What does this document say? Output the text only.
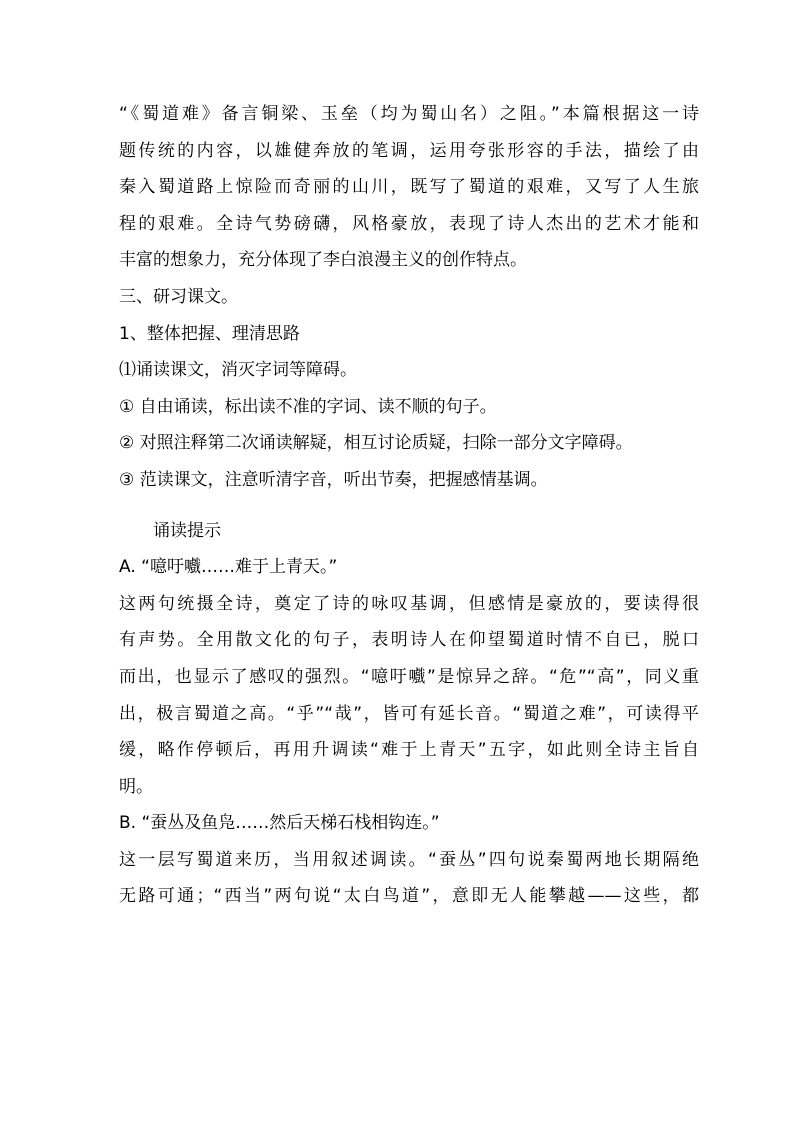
“《蜀道难》备言铜梁、玉垒（均为蜀山名）之阻。”本篇根据这一诗

题传统的内容，以雄健奔放的笔调，运用夸张形容的手法，描绘了由

秦入蜀道路上惊险而奇丽的山川，既写了蜀道的艰难，又写了人生旅

程的艰难。全诗气势磅礴，风格豪放，表现了诗人杰出的艺术才能和

丰富的想象力，充分体现了李白浪漫主义的创作特点。

三、研习课文。

1、整体把握、理清思路

⑴诵读课文，消灭字词等障碍。

① 自由诵读，标出读不准的字词、读不顺的句子。

② 对照注释第二次诵读解疑，相互讨论质疑，扫除一部分文字障碍。

③ 范读课文，注意听清字音，听出节奏，把握感情基调。

诵读提示

A. “噫吁嚱……难于上青天。”

这两句统摄全诗，奠定了诗的咏叹基调，但感情是豪放的，要读得很

有声势。全用散文化的句子，表明诗人在仰望蜀道时情不自已，脱口

而出，也显示了感叹的强烈。“噫吁嚱”是惊异之辞。“危”“高”，同义重

出，极言蜀道之高。“乎”“哉”，皆可有延长音。“蜀道之难”，可读得平

缓，略作停顿后，再用升调读“难于上青天”五字，如此则全诗主旨自

明。

B. “蚕丛及鱼凫……然后天梯石栈相钩连。”

这一层写蜀道来历，当用叙述调读。“蚕丛”四句说秦蜀两地长期隔绝

无路可通；“西当”两句说“太白鸟道”，意即无人能攀越——这些，都
